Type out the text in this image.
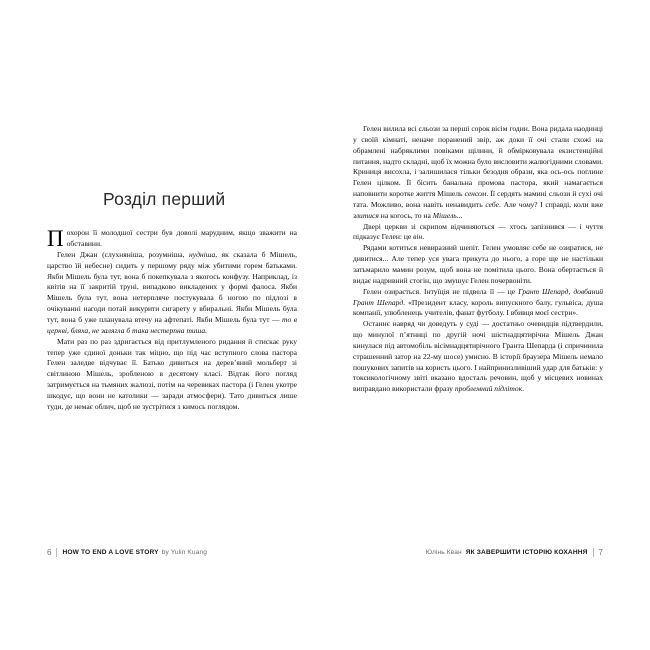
Розділ перший

Похорон її молодшої сестри був доволі марудним, якщо зважити на обставини.

Гелен Джан (слухняніша, розумніша, нудніша, як сказала б Мішель, царство їй небесне) сидить у першому ряду між убитими горем батьками. Якби Мішель була тут, вона б покепкувала з якогось конфузу. Наприклад, із квітів на її закритій труні, випадково викладених у формі фалоса. Якби Мішель була тут, вона нетерпляче постукувала б ногою по підлозі в очікуванні нагоди потай викурити сигарету у вбиральні. Якби Мішель була тут, вона б уже планувала втечу на афтепаті. Якби Мішель була тут — то в церкві, бляха, не залягла б така нестерпна тиша.

Мати раз по раз здригається від притлумленого ридання й стискає руку тепер уже єдиної доньки так міцно, що під час вступного слова пастора Гелен заледве відчуває її. Батько дивиться на дерев’яний мольберт зі світлиною Мішель, зробленою в десятому класі. Відтак його погляд затримується на тьмяних жалюзі, потім на черевиках пастора (і Гелен укотре шкодує, що вони не католики — заради атмосфери). Тато дивиться лише туди, де немає облич, щоб не зустрітися з кимось поглядом.

6 HOW TO END A LOVE STORY by Yulin Kuang

Гелен вилила всі сльози за перші сорок вісім годин. Вона ридала наодинці у своїй кімнаті, неначе поранений звір, аж доки її очі стали схожі на обрамлені набряклими повіками щілини, й обмірковувала екзистенційні питання, надто складні, щоб їх можна було висловити жалюгідними словами. Криниця висохла, і залишилася тільки безодня образи, яка ось-ось поглине Гелен цілком. Її бісить банальна промова пастора, який намагається наповнити коротке життя Мішель сенсом. Її сердять мамині сльози й сухі очі тата. Можливо, вона навіть ненавидить себе. Але чому? І справді, коли вже злитися на когось, то на Мішель...

Двері церкви зі скрипом відчиняються — хтось запізнився — і чуття підказує Гелен: це він.

Рядами котиться невиразний шепіт. Гелен умовляє себе не озиратися, не дивитися... Але тепер уся увага прикута до нього, а горе ще не настільки затьмарило мамин розум, щоб вона не помітила цього. Вона обертається й видає надривний стогін, що змушує Гелен почервоніти.

Гелен озирається. Інтуїція не підвела її — це Грант Шепард, довбаний Грант Шепард. «Президент класу, король випускного балу, гульвіса, душа компанії, улюбленець учителів, фанат футболу. І вбивця моєї сестри».

Останнє навряд чи доведуть у суді — достатньо очевидців підтвердили, що минулої п’ятниці по другій ночі шістнадцятирічна Мішель Джан кинулася під автомобіль вісімнадцятирічного Гранта Шепарда (і спричинила страшенний затор на 22-му шосе) умисно. В історії браузера Мішель немало пошукових запитів на користь цього. І найпринизливіший удар для батьків: у токсикологічному звіті вказано вдосталь речовин, щоб у місцевих новинах виправдано використали фразу проблемний підліток.

Юлінь Кван ЯК ЗАВЕРШИТИ ІСТОРІЮ КОХАННЯ 7
